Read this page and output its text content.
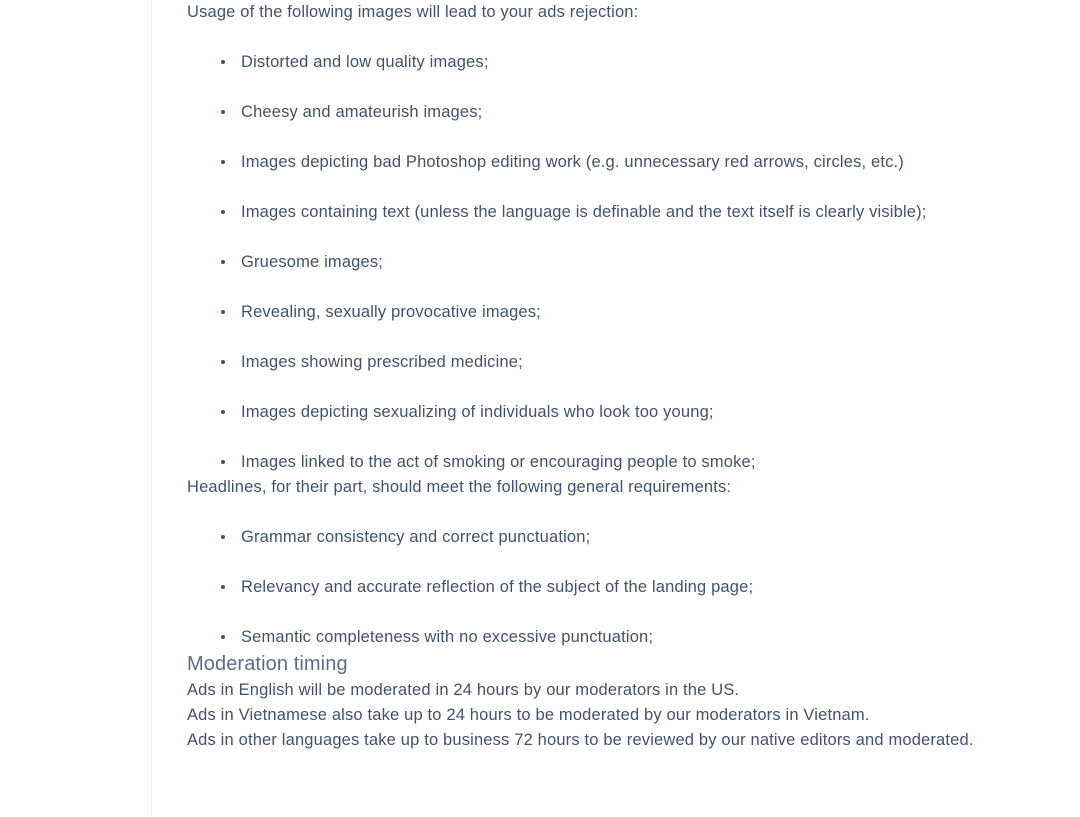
Usage of the following images will lead to your ads rejection:

Distorted and low quality images;
Cheesy and amateurish images;
Images depicting bad Photoshop editing work (e.g. unnecessary red arrows, circles, etc.)
Images containing text (unless the language is definable and the text itself is clearly visible);
Gruesome images;
Revealing, sexually provocative images;
Images showing prescribed medicine;
Images depicting sexualizing of individuals who look too young;
Images linked to the act of smoking or encouraging people to smoke;

Headlines, for their part, should meet the following general requirements:

Grammar consistency and correct punctuation;
Relevancy and accurate reflection of the subject of the landing page;
Semantic completeness with no excessive punctuation;
Moderation timing

Ads in English will be moderated in 24 hours by our moderators in the US.

Ads in Vietnamese also take up to 24 hours to be moderated by our moderators in Vietnam.

Ads in other languages take up to business 72 hours to be reviewed by our native editors and moderated.
